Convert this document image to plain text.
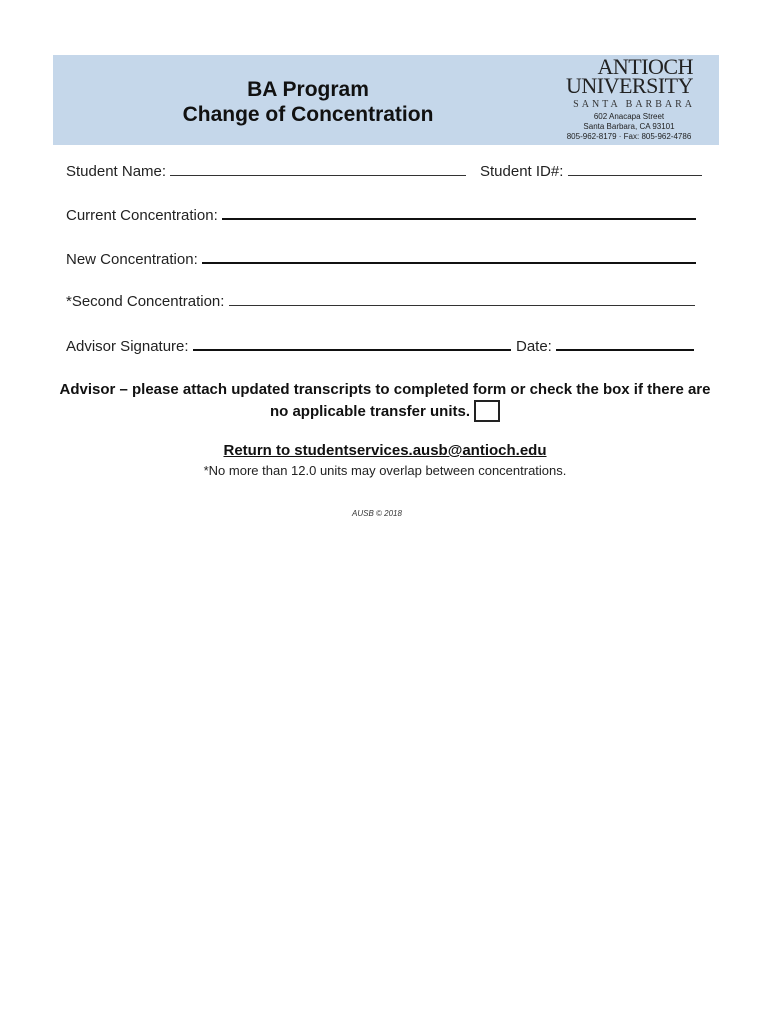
BA Program
Change of Concentration
ANTIOCH
UNIVERSITY
SANTA BARBARA
602 Anacapa Street
Santa Barbara, CA 93101
805-962-8179 · Fax: 805-962-4786
Student Name:	Student ID#:
Current Concentration:
New Concentration:
*Second Concentration:
Advisor Signature:	Date:
Advisor – please attach updated transcripts to completed form or check the box if there are
no applicable transfer units.
Return to studentservices.ausb@antioch.edu
*No more than 12.0 units may overlap between concentrations.
AUSB © 2018
